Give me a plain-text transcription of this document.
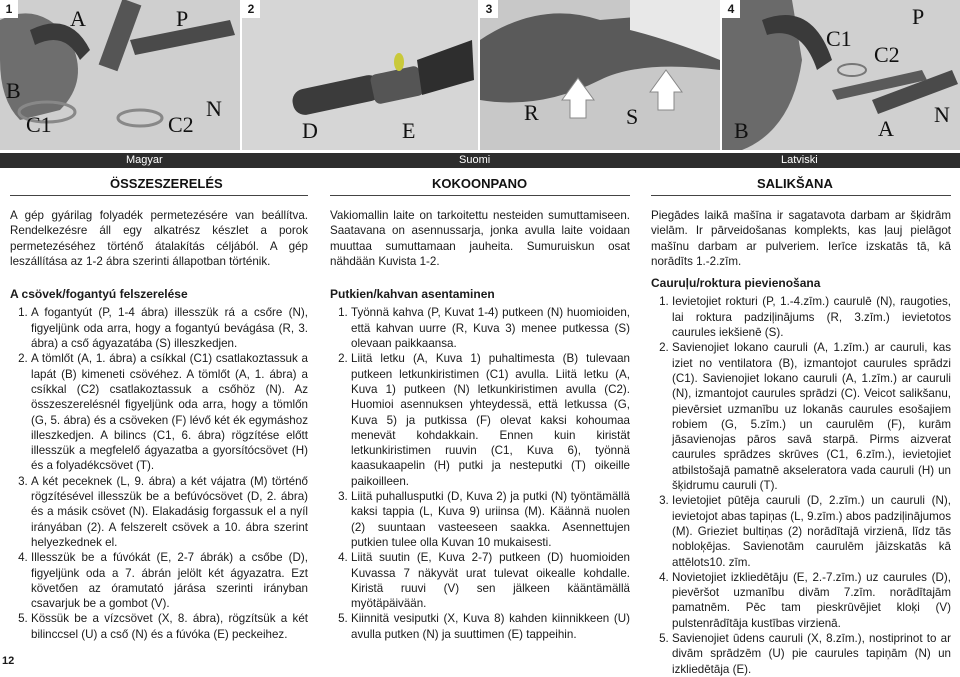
1	A	P
B
C1	C2
N
2
D	E
3
R	S
4	P
C1
C2
B	A
N
Magyar	Suomi	Latviski
ÖSSZESZERELÉS	KOKOONPANO	SALIKŠANA

A gép gyárilag folyadék permetezésére van beállítva. Rendelkezésre áll egy alkatrész készlet a porok permetezéséhez történő átalakítás céljából. A gép leszállítása az 1-2 ábra szerinti állapotban történik.

A csövek/fogantyú felszerelése
1. A fogantyút (P, 1-4 ábra) illesszük rá a csőre (N), figyeljünk oda arra, hogy a fogantyú bevágása (R, 3. ábra) a cső ágyazatába (S) illeszkedjen.
2. A tömlőt (A, 1. ábra) a csíkkal (C1) csatlakoztassuk a lapát (B) kimeneti csövéhez. A tömlőt (A, 1. ábra) a csíkkal (C2) csatlakoztassuk a csőhöz (N). Az összeszerelésnél figyeljünk oda arra, hogy a tömlőn (G, 5. ábra) és a csöveken (F) lévő két ék egymáshoz illeszkedjen. A bilincs (C1, 6. ábra) rögzítése előtt illesszük a megfelelő ágyazatba a gyorsítócsövet (H) és a folyadékcsövet (T).
3. A két peceknek (L, 9. ábra) a két vájatra (M) történő rögzítésével illesszük be a befúvócsövet (D, 2. ábra) és a másik csövet (N). Elakadásig forgassuk el a nyíl irányában (2). A felszerelt csövek a 10. ábra szerint helyezkednek el.
4. Illesszük be a fúvókát (E, 2-7 ábrák) a csőbe (D), figyeljünk oda a 7. ábrán jelölt két ágyazatra. Ezt követően az óramutató járása szerinti irányban csavarjuk be a gombot (V).
5. Kössük be a vízcsövet (X, 8. ábra), rögzítsük a két bilinccsel (U) a cső (N) és a fúvóka (E) peckeihez.

Vakiomallin laite on tarkoitettu nesteiden sumuttamiseen. Saatavana on asennussarja, jonka avulla laite voidaan muuttaa sumuttamaan jauheita. Sumuruiskun osat nähdään Kuvista 1-2.

Putkien/kahvan asentaminen
1. Työnnä kahva (P, Kuvat 1-4) putkeen (N) huomioiden, että kahvan uurre (R, Kuva 3) menee putkessa (S) olevaan paikkaansa.
2. Liitä letku (A, Kuva 1) puhaltimesta (B) tulevaan putkeen letkunkiristimen (C1) avulla. Liitä letku (A, Kuva 1) putkeen (N) letkunkiristimen avulla (C2). Huomioi asennuksen yhteydessä, että letkussa (G, Kuva 5) ja putkissa (F) olevat kaksi kohoumaa menevät kohdakkain. Ennen kuin kiristät letkunkiristimen ruuvin (C1, Kuva 6), työnnä kaasukaapelin (H) putki ja nesteputki (T) oikeille paikoilleen.
3. Liitä puhallusputki (D, Kuva 2) ja putki (N) työntämällä kaksi tappia (L, Kuva 9) uriinsa (M). Käännä nuolen (2) suuntaan vasteeseen saakka. Asennettujen putkien tulee olla Kuvan 10 mukaisesti.
4. Liitä suutin (E, Kuva 2-7) putkeen (D) huomioiden Kuvassa 7 näkyvät urat tulevat oikealle kohdalle. Kiristä ruuvi (V) sen jälkeen kääntämällä myötäpäivään.
5. Kiinnitä vesiputki (X, Kuva 8) kahden kiinnikkeen (U) avulla putken (N) ja suuttimen (E) tappeihin.

Piegādes laikā mašīna ir sagatavota darbam ar šķidrām vielām. Ir pārveidošanas komplekts, kas ļauj pielāgot mašīnu darbam ar pulveriem. Ierīce izskatās tā, kā norādīts 1.-2.zīm.

Cauruļu/roktura pievienošana
1. Ievietojiet rokturi (P, 1.-4.zīm.) caurulē (N), raugoties, lai roktura padziļinājums (R, 3.zīm.) ievietotos caurules iekšienē (S).
2. Savienojiet lokano cauruli (A, 1.zīm.) ar cauruli, kas iziet no ventilatora (B), izmantojot caurules sprādzi (C1). Savienojiet lokano cauruli (A, 1.zīm.) ar cauruli (N), izmantojot caurules sprādzi (C). Veicot salikšanu, pievērsiet uzmanību uz lokanās caurules esošajiem robiem (G, 5.zīm.) un caurulēm (F), kurām jāsavienojas pāros savā starpā. Pirms aizverat caurules sprādzes skrūves (C1, 6.zīm.), ievietojiet atbilstošajā pamatnē akseleratora vada cauruli (H) un šķidrumu cauruli (T).
3. Ievietojiet pūtēja cauruli (D, 2.zīm.) un cauruli (N), ievietojot abas tapiņas (L, 9.zīm.) abos padziļinājumos (M). Grieziet bultiņas (2) norādītajā virzienā, līdz tās nobloķējas. Savienotām caurulēm jāizskatās kā attēlots10. zīm.
4. Novietojiet izkliedētāju (E, 2.-7.zīm.) uz caurules (D), pievēršot uzmanību divām 7.zīm. norādītajām pamatnēm. Pēc tam pieskrūvējiet kloķi (V) pulstenrādītāja kustības virzienā.
5. Savienojiet ūdens cauruli (X, 8.zīm.), nostiprinot to ar divām sprādzēm (U) pie caurules tapiņām (N) un izkliedētāja (E).
12
